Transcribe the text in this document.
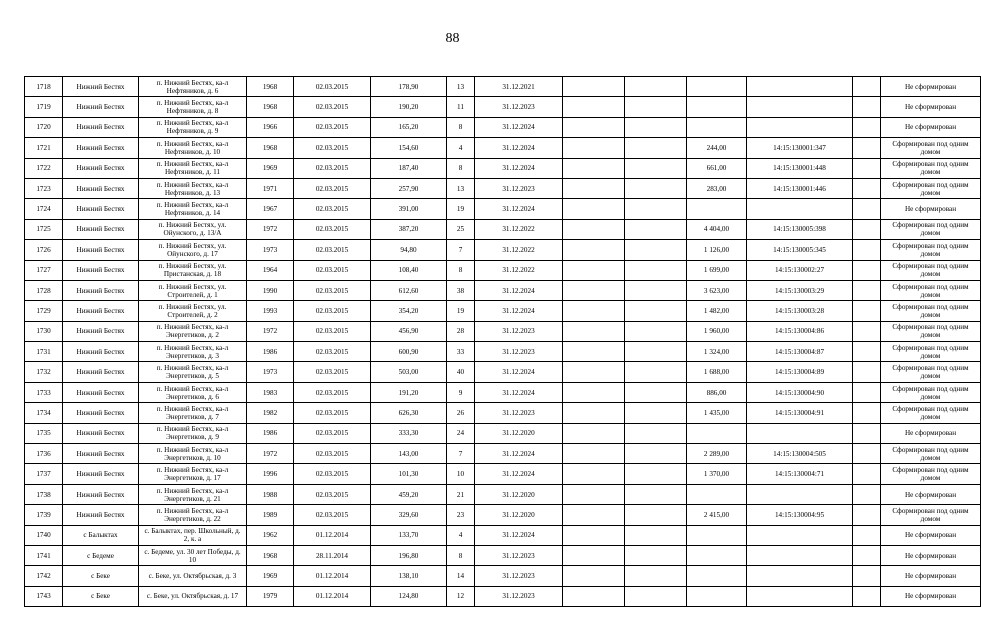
88
1718	Нижний Бестях	п. Нижний Бестях, ка-л Нефтяников, д. 6	1968	02.03.2015	178,90	13	31.12.2021						Не сформирован
1719	Нижний Бестях	п. Нижний Бестях, ка-л Нефтяников, д. 8	1968	02.03.2015	190,20	11	31.12.2023						Не сформирован
1720	Нижний Бестях	п. Нижний Бестях, ка-л Нефтяников, д. 9	1966	02.03.2015	165,20	8	31.12.2024						Не сформирован
1721	Нижний Бестях	п. Нижний Бестях, ка-л Нефтяников, д. 10	1968	02.03.2015	154,60	4	31.12.2024			244,00	14:15:130001:347		Сформирован под одним домом
1722	Нижний Бестях	п. Нижний Бестях, ка-л Нефтяников, д. 11	1969	02.03.2015	187,40	8	31.12.2024			661,00	14:15:130001:448		Сформирован под одним домом
1723	Нижний Бестях	п. Нижний Бестях, ка-л Нефтяников, д. 13	1971	02.03.2015	257,90	13	31.12.2023			283,00	14:15:130001:446		Сформирован под одним домом
1724	Нижний Бестях	п. Нижний Бестях, ка-л Нефтяников, д. 14	1967	02.03.2015	391,00	19	31.12.2024						Не сформирован
1725	Нижний Бестях	п. Нижний Бестях, ул. Ойунского, д. 13/А	1972	02.03.2015	387,20	25	31.12.2022			4 404,00	14:15:130005:398		Сформирован под одним домом
1726	Нижний Бестях	п. Нижний Бестях, ул. Ойунского, д. 17	1973	02.03.2015	94,80	7	31.12.2022			1 126,00	14:15:130005:345		Сформирован под одним домом
1727	Нижний Бестях	п. Нижний Бестях, ул. Пристанская, д. 18	1964	02.03.2015	108,40	8	31.12.2022			1 699,00	14:15:130002:27		Сформирован под одним домом
1728	Нижний Бестях	п. Нижний Бестях, ул. Строителей, д. 1	1990	02.03.2015	612,60	38	31.12.2024			3 623,00	14:15:130003:29		Сформирован под одним домом
1729	Нижний Бестях	п. Нижний Бестях, ул. Строителей, д. 2	1993	02.03.2015	354,20	19	31.12.2024			1 482,00	14:15:130003:28		Сформирован под одним домом
1730	Нижний Бестях	п. Нижний Бестях, ка-л Энергетиков, д. 2	1972	02.03.2015	456,90	28	31.12.2023			1 960,00	14:15:130004:86		Сформирован под одним домом
1731	Нижний Бестях	п. Нижний Бестях, ка-л Энергетиков, д. 3	1986	02.03.2015	600,90	33	31.12.2023			1 324,00	14:15:130004:87		Сформирован под одним домом
1732	Нижний Бестях	п. Нижний Бестях, ка-л Энергетиков, д. 5	1973	02.03.2015	503,00	40	31.12.2024			1 688,00	14:15:130004:89		Сформирован под одним домом
1733	Нижний Бестях	п. Нижний Бестях, ка-л Энергетиков, д. 6	1983	02.03.2015	191,20	9	31.12.2024			886,00	14:15:130004:90		Сформирован под одним домом
1734	Нижний Бестях	п. Нижний Бестях, ка-л Энергетиков, д. 7	1982	02.03.2015	626,30	26	31.12.2023			1 435,00	14:15:130004:91		Сформирован под одним домом
1735	Нижний Бестях	п. Нижний Бестях, ка-л Энергетиков, д. 9	1986	02.03.2015	333,30	24	31.12.2020						Не сформирован
1736	Нижний Бестях	п. Нижний Бестях, ка-л Энергетиков, д. 10	1972	02.03.2015	143,00	7	31.12.2024			2 289,00	14:15:130004:505		Сформирован под одним домом
1737	Нижний Бестях	п. Нижний Бестях, ка-л Энергетиков, д. 17	1996	02.03.2015	101,30	10	31.12.2024			1 370,00	14:15:130004:71		Сформирован под одним домом
1738	Нижний Бестях	п. Нижний Бестях, ка-л Энергетиков, д. 21	1988	02.03.2015	459,20	21	31.12.2020						Не сформирован
1739	Нижний Бестях	п. Нижний Бестях, ка-л Энергетиков, д. 22	1989	02.03.2015	329,60	23	31.12.2020			2 415,00	14:15:130004:95		Сформирован под одним домом
1740	с Балыктах	с. Балыктах, пер. Школьный, д. 2, к. а	1962	01.12.2014	133,70	4	31.12.2024						Не сформирован
1741	с Бедеме	с. Бедеме, ул. 30 лет Победы, д. 10	1968	28.11.2014	196,80	8	31.12.2023						Не сформирован
1742	с Беке	с. Беке, ул. Октябрьская, д. 3	1969	01.12.2014	138,10	14	31.12.2023						Не сформирован
1743	с Беке	с. Беке, ул. Октябрьская, д. 17	1979	01.12.2014	124,80	12	31.12.2023						Не сформирован
